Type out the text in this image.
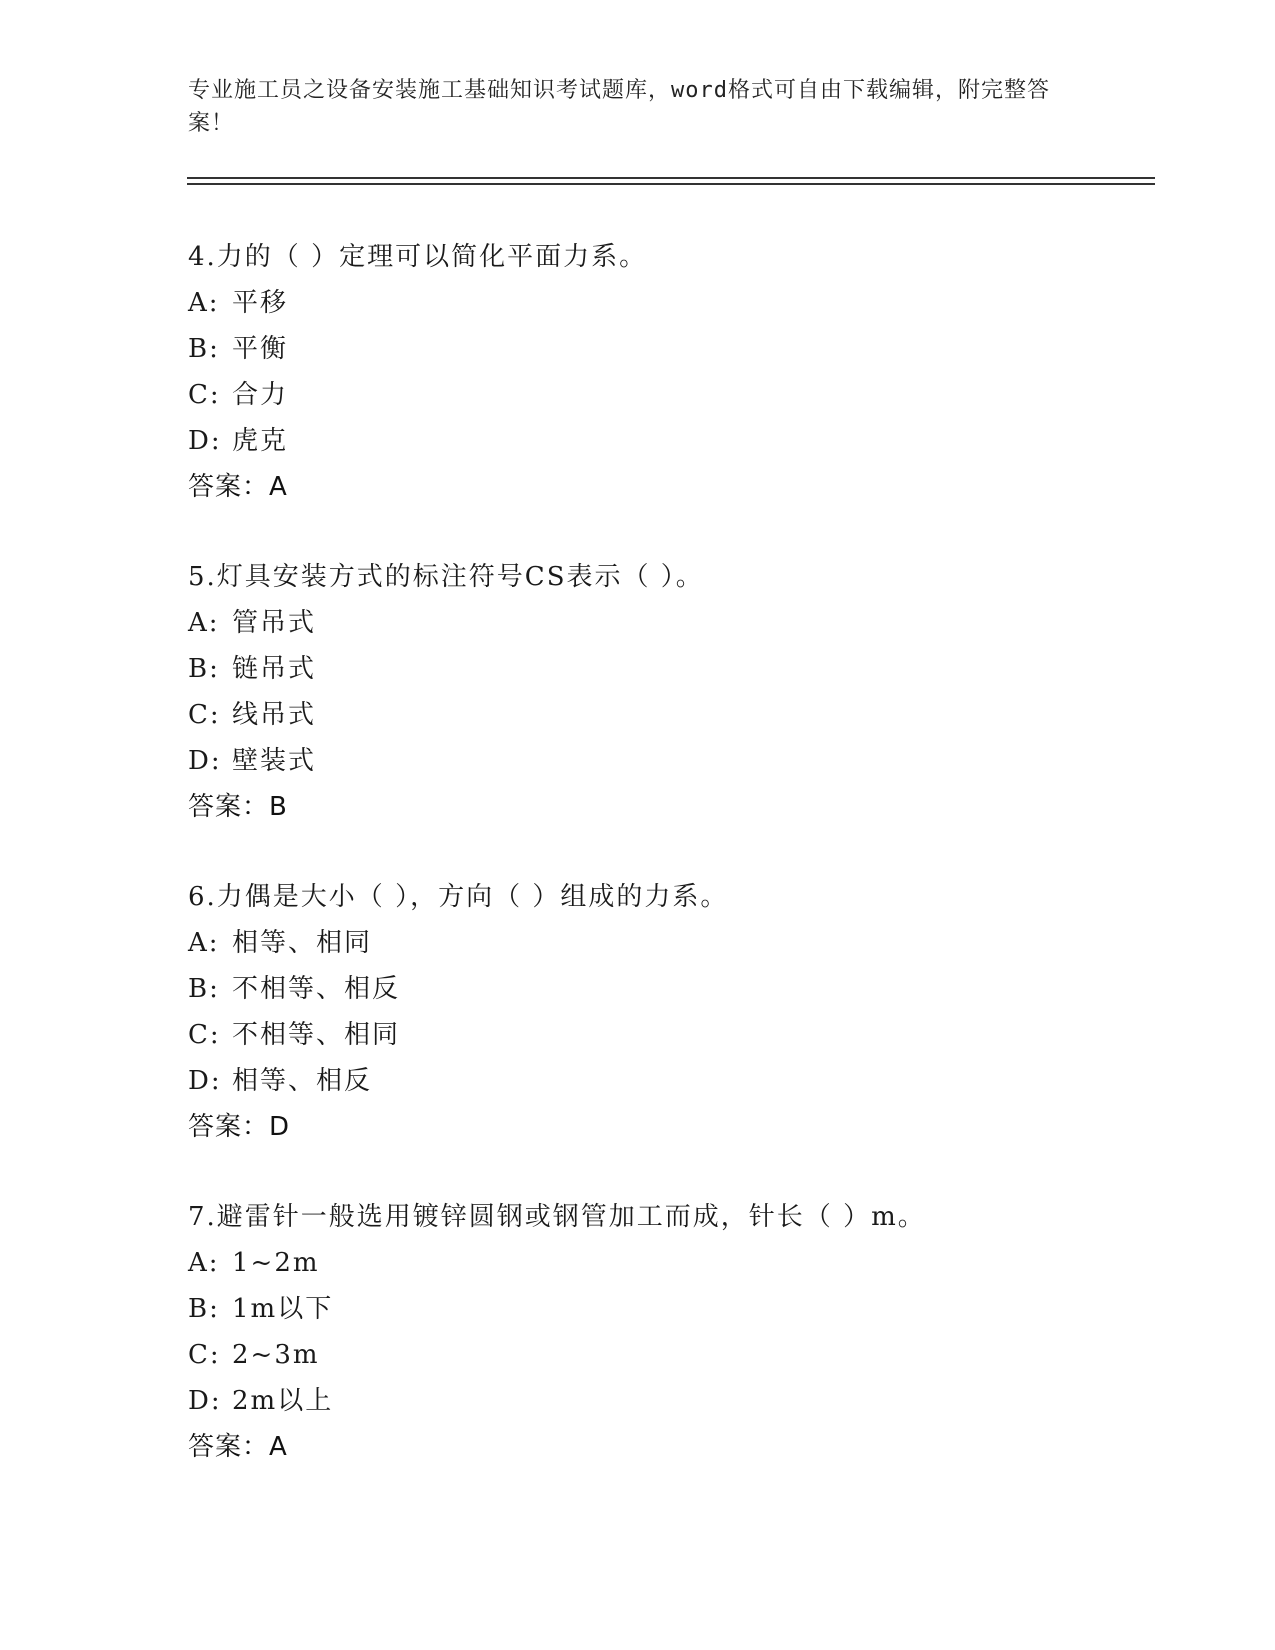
专业施工员之设备安装施工基础知识考试题库，word格式可自由下载编辑，附完整答案！
4.力的（ ）定理可以简化平面力系。
A: 平移
B: 平衡
C: 合力
D: 虎克
答案：A
5.灯具安装方式的标注符号CS表示（ ）。
A: 管吊式
B: 链吊式
C: 线吊式
D: 壁装式
答案：B
6.力偶是大小（ ），方向（ ）组成的力系。
A: 相等、相同
B: 不相等、相反
C: 不相等、相同
D: 相等、相反
答案：D
7.避雷针一般选用镀锌圆钢或钢管加工而成，针长（ ）m。
A: 1~2m
B: 1m以下
C: 2~3m
D: 2m以上
答案：A
